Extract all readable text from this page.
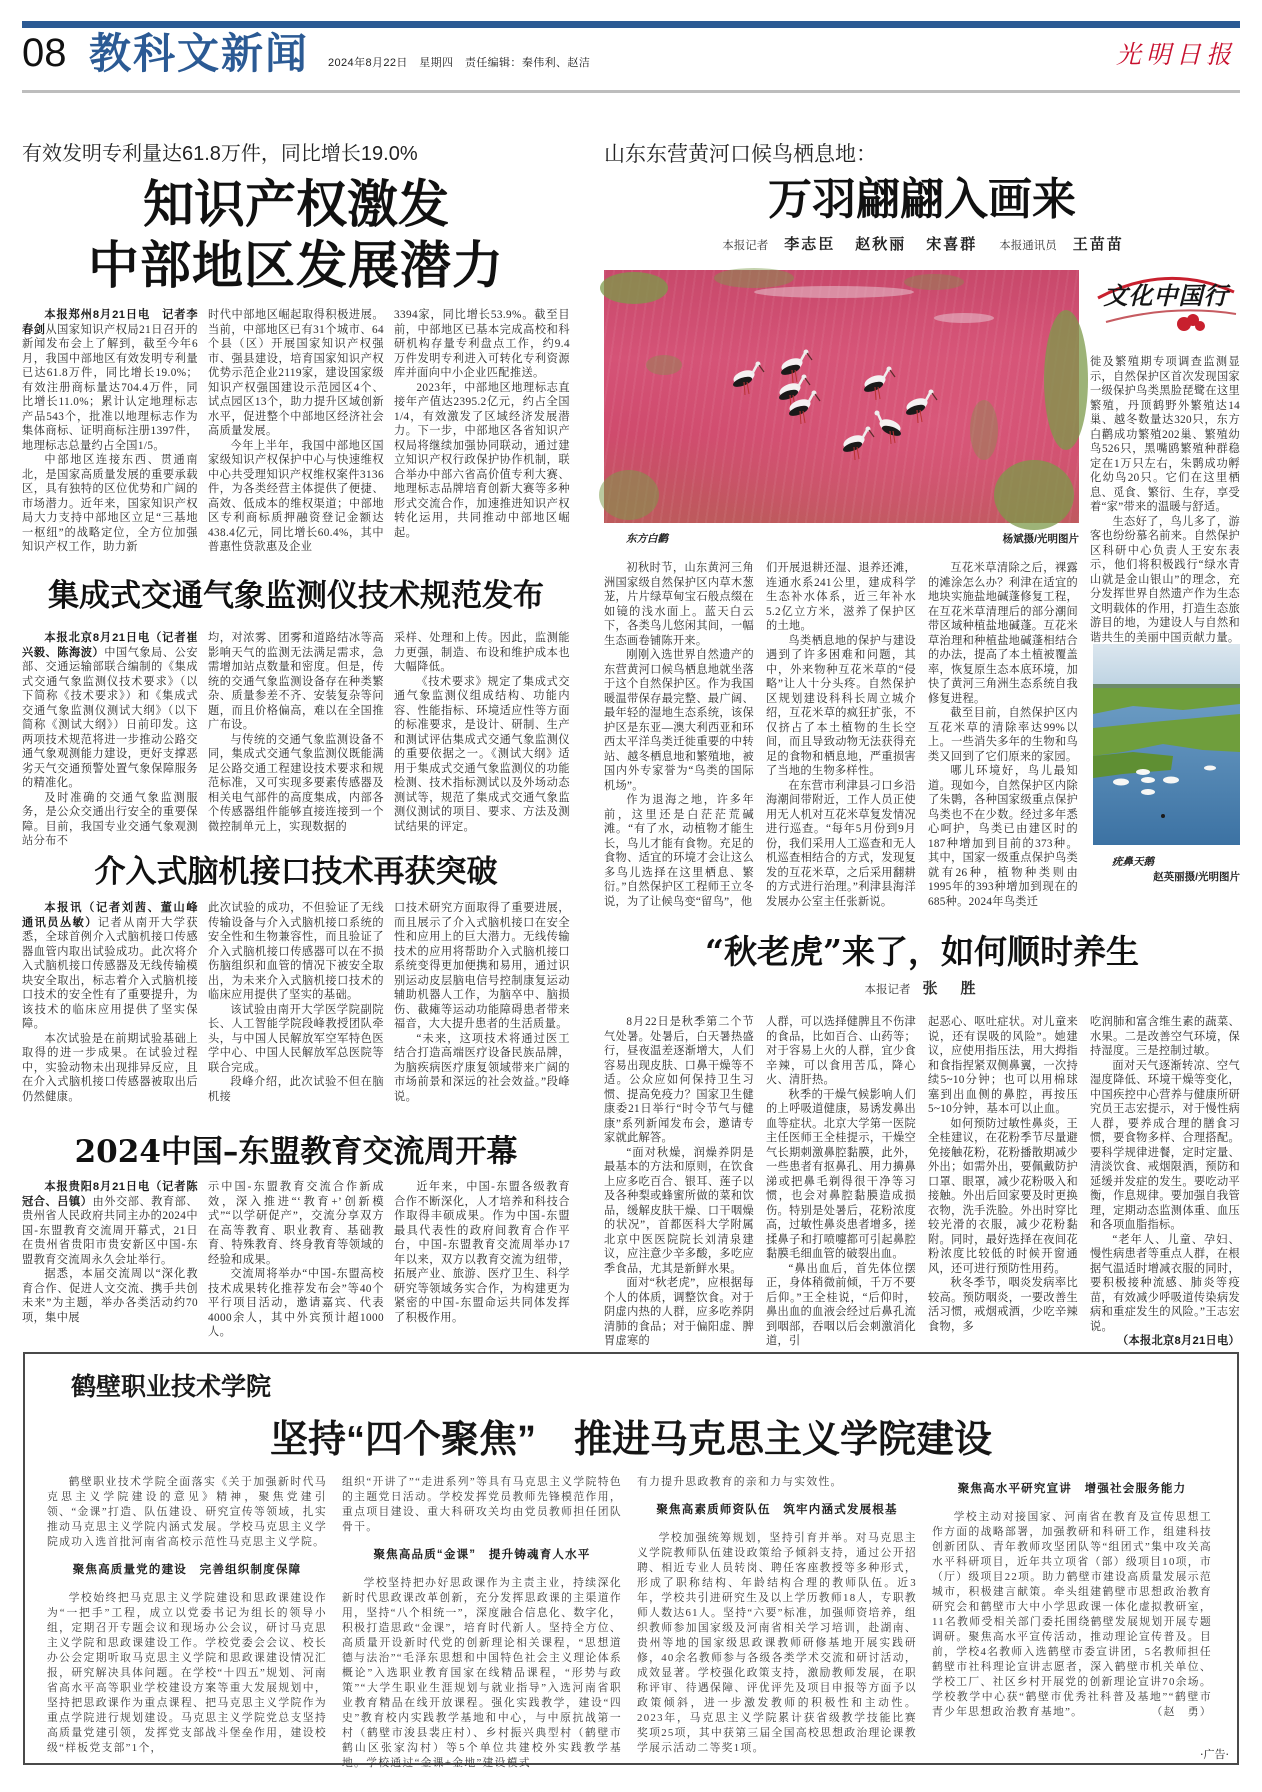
08 教科文新闻 2024年8月22日　星期四　责任编辑：秦伟利、赵洁	光明日报
有效发明专利量达61.8万件，同比增长19.0%
知识产权激发
中部地区发展潜力

本报郑州8月21日电　记者李春剑从国家知识产权局21日召开的新闻发布会上了解到，截至今年6月，我国中部地区有效发明专利量已达61.8万件，同比增长19.0%；有效注册商标量达704.4万件，同比增长11.0%；累计认定地理标志产品543个，批准以地理标志作为集体商标、证明商标注册1397件，地理标志总量约占全国1/5。

中部地区连接东西、贯通南北，是国家高质量发展的重要承载区，具有独特的区位优势和广阔的市场潜力。近年来，国家知识产权局大力支持中部地区立足“三基地一枢纽”的战略定位，全方位加强知识产权工作，助力新

时代中部地区崛起取得积极进展。当前，中部地区已有31个城市、64个县（区）开展国家知识产权强市、强县建设，培育国家知识产权优势示范企业2119家，建设国家级知识产权强国建设示范园区4个、试点园区13个，助力提升区域创新水平，促进整个中部地区经济社会高质量发展。

今年上半年，我国中部地区国家级知识产权保护中心与快速维权中心共受理知识产权维权案件3136件，为各类经营主体提供了便捷、高效、低成本的维权渠道；中部地区专利商标质押融资登记金额达438.4亿元，同比增长60.4%，其中普惠性贷款惠及企业

3394家，同比增长53.9%。截至目前，中部地区已基本完成高校和科研机构存量专利盘点工作，约9.4万件发明专利进入可转化专利资源库并面向中小企业匹配推送。

2023年，中部地区地理标志直接年产值达2395.2亿元，约占全国1/4，有效激发了区域经济发展潜力。下一步，中部地区各省知识产权局将继续加强协同联动，通过建立知识产权行政保护协作机制，联合举办中部六省高价值专利大赛、地理标志品牌培育创新大赛等多种形式交流合作，加速推进知识产权转化运用，共同推动中部地区崛起。

集成式交通气象监测仪技术规范发布

本报北京8月21日电（记者崔兴毅、陈海波）中国气象局、公安部、交通运输部联合编制的《集成式交通气象监测仪技术要求》（以下简称《技术要求》）和《集成式交通气象监测仪测试大纲》（以下简称《测试大纲》）日前印发。这两项技术规范将进一步推动公路交通气象观测能力建设，更好支撑恶劣天气交通预警处置气象保障服务的精准化。

及时准确的交通气象监测服务，是公众交通出行安全的重要保障。目前，我国专业交通气象观测站分布不

均，对浓雾、团雾和道路结冰等高影响天气的监测无法满足需求，急需增加站点数量和密度。但是，传统的交通气象监测设备存在种类繁杂、质量参差不齐、安装复杂等问题，而且价格偏高，难以在全国推广布设。

与传统的交通气象监测设备不同，集成式交通气象监测仪既能满足公路交通工程建设技术要求和规范标准，又可实现多要素传感器及相关电气部件的高度集成，内部各个传感器组件能够直接连接到一个微控制单元上，实现数据的

采样、处理和上传。因此，监测能力更强，制造、布设和维护成本也大幅降低。

《技术要求》规定了集成式交通气象监测仪组成结构、功能内容、性能指标、环境适应性等方面的标准要求，是设计、研制、生产和测试评估集成式交通气象监测仪的重要依据之一。《测试大纲》适用于集成式交通气象监测仪的功能检测、技术指标测试以及外场动态测试等，规范了集成式交通气象监测仪测试的项目、要求、方法及测试结果的评定。

介入式脑机接口技术再获突破

本报讯（记者刘茜、董山峰　通讯员丛敏）记者从南开大学获悉，全球首例介入式脑机接口传感器血管内取出试验成功。此次将介入式脑机接口传感器及无线传输模块安全取出，标志着介入式脑机接口技术的安全性有了重要提升，为该技术的临床应用提供了坚实保障。

本次试验是在前期试验基础上取得的进一步成果。在试验过程中，实验动物未出现排异反应，且在介入式脑机接口传感器被取出后仍然健康。

此次试验的成功，不但验证了无线传输设备与介入式脑机接口系统的安全性和生物兼容性，而且验证了介入式脑机接口传感器可以在不损伤脑组织和血管的情况下被安全取出，为未来介入式脑机接口技术的临床应用提供了坚实的基础。

该试验由南开大学医学院副院长、人工智能学院段峰教授团队牵头，与中国人民解放军空军特色医学中心、中国人民解放军总医院等联合完成。

段峰介绍，此次试验不但在脑机接

口技术研究方面取得了重要进展，而且展示了介入式脑机接口在安全性和应用上的巨大潜力。无线传输技术的应用将帮助介入式脑机接口系统变得更加便携和易用，通过识别运动皮层脑电信号控制康复运动辅助机器人工作，为脑卒中、脑损伤、截瘫等运动功能障碍患者带来福音，大大提升患者的生活质量。

“未来，这项技术将通过医工结合打造高端医疗设备民族品牌，为脑疾病医疗康复领域带来广阔的市场前景和深远的社会效益。”段峰说。

2024中国–东盟教育交流周开幕

本报贵阳8月21日电（记者陈冠合、吕镇）由外交部、教育部、贵州省人民政府共同主办的2024中国-东盟教育交流周开幕式，21日在贵州省贵阳市贵安新区中国-东盟教育交流周永久会址举行。

据悉，本届交流周以“深化教育合作、促进人文交流、携手共创未来”为主题，举办各类活动约70项，集中展

示中国-东盟教育交流合作新成效，深入推进“‘教育+’创新模式”“以学研促产”，交流分享双方在高等教育、职业教育、基础教育、特殊教育、终身教育等领域的经验和成果。

交流周将举办“中国-东盟高校技术成果转化推荐发布会”等40个平行项目活动，邀请嘉宾、代表4000余人，其中外宾预计超1000人。

近年来，中国-东盟各级教育合作不断深化，人才培养和科技合作取得丰硕成果。作为中国-东盟最具代表性的政府间教育合作平台，中国-东盟教育交流周举办17年以来，双方以教育交流为纽带，拓展产业、旅游、医疗卫生、科学研究等领域务实合作，为构建更为紧密的中国-东盟命运共同体发挥了积极作用。

山东东营黄河口候鸟栖息地：
万羽翩翩入画来
本报记者 李志臣 赵秋丽 宋喜群 本报通讯员 王苗苗
东方白鹳	杨斌摄/光明图片
文化中国行

徙及繁殖期专项调查监测显示，自然保护区首次发现国家一级保护鸟类黑脸琵鹭在这里繁殖，丹顶鹤野外繁殖达14巢、越冬数量达320只，东方白鹳成功繁殖202巢、繁殖幼鸟526只，黑嘴鸥繁殖种群稳定在1万只左右，朱鹮成功孵化幼鸟20只。它们在这里栖息、觅食、繁衍、生存，享受着“家”带来的温暖与舒适。

生态好了，鸟儿多了，游客也纷纷慕名前来。自然保护区科研中心负责人王安东表示，他们将积极践行“绿水青山就是金山银山”的理念，充分发挥世界自然遗产作为生态文明载体的作用，打造生态旅游目的地，为建设人与自然和谐共生的美丽中国贡献力量。

疣鼻天鹅
赵英丽摄/光明图片

初秋时节，山东黄河三角洲国家级自然保护区内草木葱茏，片片绿草甸宝石般点缀在如镜的浅水面上。蓝天白云下，各类鸟儿悠闲其间，一幅生态画卷铺陈开来。

刚刚入选世界自然遗产的东营黄河口候鸟栖息地就坐落于这个自然保护区。作为我国暖温带保存最完整、最广阔、最年轻的湿地生态系统，该保护区是东亚—澳大利西亚和环西太平洋鸟类迁徙重要的中转站、越冬栖息地和繁殖地，被国内外专家誉为“鸟类的国际机场”。

作为退海之地，许多年前，这里还是白茫茫荒碱滩。“有了水，动植物才能生长，鸟儿才能有食物。充足的食物、适宜的环境才会让这么多鸟儿选择在这里栖息、繁衍。”自然保护区工程师王立冬说，为了让候鸟变“留鸟”，他

们开展退耕还湿、退养还滩，连通水系241公里，建成科学生态补水体系，近三年补水5.2亿立方米，滋养了保护区的土地。

鸟类栖息地的保护与建设遇到了许多困难和问题，其中，外来物种互花米草的“侵略”让人十分头疼。自然保护区规划建设科科长周立城介绍，互花米草的疯狂扩张，不仅挤占了本土植物的生长空间，而且导致动物无法获得充足的食物和栖息地，严重损害了当地的生物多样性。

在东营市利津县刁口乡沿海潮间带附近，工作人员正使用无人机对互花米草复发情况进行巡查。“每年5月份到9月份，我们采用人工巡查和无人机巡查相结合的方式，发现复发的互花米草，之后采用翻耕的方式进行治理。”利津县海洋发展办公室主任张新说。

互花米草清除之后，裸露的滩涂怎么办？利津在适宜的地块实施盐地碱蓬修复工程，在互花米草清理后的部分潮间带区域种植盐地碱蓬。互花米草治理和种植盐地碱蓬相结合的办法，提高了本土植被覆盖率，恢复原生态本底环境，加快了黄河三角洲生态系统自我修复进程。

截至目前，自然保护区内互花米草的清除率达99%以上。一些消失多年的生物和鸟类又回到了它们原来的家园。

哪儿环境好，鸟儿最知道。现如今，自然保护区内除了朱鹮，各种国家级重点保护鸟类也不在少数。经过多年悉心呵护，鸟类已由建区时的187种增加到目前的373种。其中，国家一级重点保护鸟类就有26种，植物种类则由1995年的393种增加到现在的685种。2024年鸟类迁

“秋老虎”来了，如何顺时养生
本报记者 张　胜

8月22日是秋季第二个节气处暑。处暑后，白天暑热盛行，昼夜温差逐渐增大，人们容易出现皮肤、口鼻干燥等不适。公众应如何保持卫生习惯、提高免疫力？国家卫生健康委21日举行“时令节气与健康”系列新闻发布会，邀请专家就此解答。

“面对秋燥，润燥养阴是最基本的方法和原则，在饮食上应多吃百合、银耳、莲子以及各种梨或蜂蜜所做的菜和饮品，缓解皮肤干燥、口干咽燥的状况”，首都医科大学附属北京中医医院院长刘清泉建议，应注意少辛多酸，多吃应季食品，尤其是新鲜水果。

面对“秋老虎”，应根据每个人的体质，调整饮食。对于阴虚内热的人群，应多吃养阴清肺的食品；对于偏阳虚、脾胃虚寒的

人群，可以选择健脾且不伤津的食品，比如百合、山药等；对于容易上火的人群，宜少食辛辣，可以食用苦瓜，降心火、清肝热。

秋季的干燥气候影响人们的上呼吸道健康，易诱发鼻出血等症状。北京大学第一医院主任医师王全桂提示，干燥空气长期刺激鼻腔黏膜，此外，一些患者有抠鼻孔、用力擤鼻涕或把鼻毛剃得很干净等习惯，也会对鼻腔黏膜造成损伤。特别是处暑后，花粉浓度高，过敏性鼻炎患者增多，搓揉鼻子和打喷嚏都可引起鼻腔黏膜毛细血管的破裂出血。

“鼻出血后，首先体位摆正，身体稍微前倾，千万不要后仰。”王全桂说，“后仰时，鼻出血的血液会经过后鼻孔流到咽部，吞咽以后会刺激消化道，引

起恶心、呕吐症状。对儿童来说，还有误吸的风险”。她建议，应使用指压法，用大拇指和食指捏紧双侧鼻翼，一次持续5~10分钟；也可以用棉球塞到出血侧的鼻腔，再按压5~10分钟，基本可以止血。

如何预防过敏性鼻炎，王全桂建议，在花粉季节尽量避免接触花粉，花粉播散期减少外出；如需外出，要佩戴防护口罩、眼罩，减少花粉吸入和接触。外出后回家要及时更换衣物，洗手洗脸。外出时穿比较光滑的衣服，减少花粉黏附。同时，最好选择在夜间花粉浓度比较低的时候开窗通风，还可进行预防性用药。

秋冬季节，咽炎发病率比较高。预防咽炎，一要改善生活习惯，戒烟戒酒，少吃辛辣食物，多

吃润肺和富含维生素的蔬菜、水果。二是改善空气环境，保持湿度。三是控制过敏。

面对天气逐渐转凉、空气湿度降低、环境干燥等变化，中国疾控中心营养与健康所研究员王志宏提示，对于慢性病人群，要养成合理的膳食习惯，要食物多样、合理搭配。要科学规律进餐，定时定量、清淡饮食、戒烟限酒，预防和延缓并发症的发生。要吃动平衡，作息规律。要加强自我管理，定期动态监测体重、血压和各项血脂指标。

“老年人、儿童、孕妇、慢性病患者等重点人群，在根据气温适时增减衣服的同时，要积极接种流感、肺炎等疫苗，有效减少呼吸道传染病发病和重症发生的风险。”王志宏说。

（本报北京8月21日电）

鹤壁职业技术学院
坚持“四个聚焦”　推进马克思主义学院建设

鹤壁职业技术学院全面落实《关于加强新时代马克思主义学院建设的意见》精神，聚焦党建引领、“金课”打造、队伍建设、研究宣传等领域，扎实推动马克思主义学院内涵式发展。学校马克思主义学院成功入选首批河南省高校示范性马克思主义学院。

聚焦高质量党的建设　完善组织制度保障

学校始终把马克思主义学院建设和思政课建设作为“一把手”工程，成立以党委书记为组长的领导小组，定期召开专题会议和现场办公会议，研讨马克思主义学院和思政课建设工作。学校党委会会议、校长办公会定期听取马克思主义学院和思政课建设情况汇报，研究解决具体问题。在学校“十四五”规划、河南省高水平高等职业学校建设方案等重大发展规划中，坚持把思政课作为重点课程、把马克思主义学院作为重点学院进行规划建设。马克思主义学院党总支坚持高质量党建引领，发挥党支部战斗堡垒作用，建设校级“样板党支部”1个，

组织“开讲了”“走进系列”等具有马克思主义学院特色的主题党日活动。学校发挥党员教师先锋模范作用，重点项目建设、重大科研攻关均由党员教师担任团队骨干。

聚焦高品质“金课”　提升铸魂育人水平

学校坚持把办好思政课作为主责主业，持续深化新时代思政课改革创新，充分发挥思政课的主渠道作用，坚持“八个相统一”，深度融合信息化、数字化，积极打造思政“金课”，培育时代新人。坚持全方位、高质量开设新时代党的创新理论相关课程，“思想道德与法治”“毛泽东思想和中国特色社会主义理论体系概论”入选职业教育国家在线精品课程，“形势与政策”“大学生职业生涯规划与就业指导”入选河南省职业教育精品在线开放课程。强化实践教学，建设“四史”教育校内实践教学基地和中心，与中原抗战第一村（鹤壁市浚县裴庄村）、乡村振兴典型村（鹤壁市鹤山区张家沟村）等5个单位共建校外实践教学基地。学校通过“金课+金地”建设模式

有力提升思政教育的亲和力与实效性。

聚焦高素质师资队伍　筑牢内涵式发展根基

学校加强统筹规划，坚持引育并举。对马克思主义学院教师队伍建设政策给予倾斜支持，通过公开招聘、相近专业人员转岗、聘任客座教授等多种形式，形成了职称结构、年龄结构合理的教师队伍。近3年，学校共引进研究生及以上学历教师18人，专职教师人数达61人。坚持“六要”标准，加强师资培养，组织教师参加国家级及河南省相关学习培训，赴湖南、贵州等地的国家级思政课教师研修基地开展实践研修，40余名教师参与各级各类学术交流和研讨活动，成效显著。学校强化政策支持，激励教师发展，在职称评审、待遇保障、评优评先及项目申报等方面予以政策倾斜，进一步激发教师的积极性和主动性。2023年，马克思主义学院累计获省级教学技能比赛奖项25项，其中获第三届全国高校思想政治理论课教学展示活动二等奖1项。

聚焦高水平研究宣讲　增强社会服务能力

学校主动对接国家、河南省在教育及宣传思想工作方面的战略部署，加强教研和科研工作，组建科技创新团队、青年教师攻坚团队等“组团式”集中攻关高水平科研项目，近年共立项省（部）级项目10项，市（厅）级项目22项。助力鹤壁市建设高质量发展示范城市，积极建言献策。牵头组建鹤壁市思想政治教育研究会和鹤壁市大中小学思政课一体化虚拟教研室，11名教师受相关部门委托围绕鹤壁发展规划开展专题调研。聚焦高水平宣传活动，推动理论宣传普及。目前，学校4名教师入选鹤壁市委宣讲团，5名教师担任鹤壁市社科理论宣讲志愿者，深入鹤壁市机关单位、学校工厂、社区乡村开展党的创新理论宣讲70余场。学校教学中心获“鹤壁市优秀社科普及基地”“鹤壁市青少年思想政治教育基地”。	（赵　勇）

·广告·
